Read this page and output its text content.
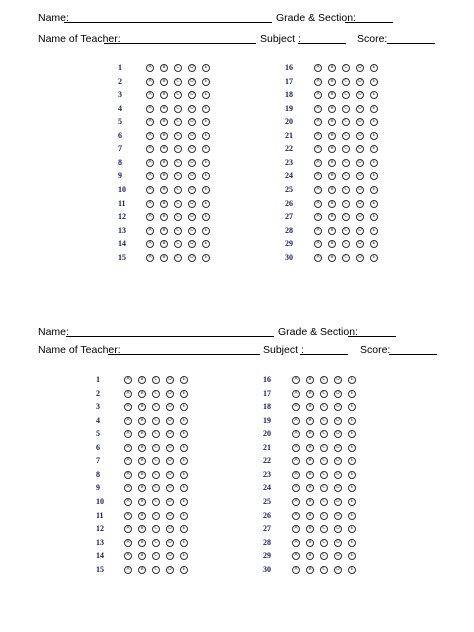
Name:	Grade & Section:
Name of Teacher:	Subject :	Score:
1	A	B	C	D	E
2	A	B	C	D	E
3	A	B	C	D	E
4	A	B	C	D	E
5	A	B	C	D	E
6	A	B	C	D	E
7	A	B	C	D	E
8	A	B	C	D	E
9	A	B	C	D	E
10	A	B	C	D	E
11	A	B	C	D	E
12	A	B	C	D	E
13	A	B	C	D	E
14	A	B	C	D	E
15	A	B	C	D	E
16	A	B	C	D	E
17	A	B	C	D	E
18	A	B	C	D	E
19	A	B	C	D	E
20	A	B	C	D	E
21	A	B	C	D	E
22	A	B	C	D	E
23	A	B	C	D	E
24	A	B	C	D	E
25	A	B	C	D	E
26	A	B	C	D	E
27	A	B	C	D	E
28	A	B	C	D	E
29	A	B	C	D	E
30	A	B	C	D	E
Name:	Grade & Section:
Name of Teacher:	Subject :	Score:
1	A	B	C	D	E
2	A	B	C	D	E
3	A	B	C	D	E
4	A	B	C	D	E
5	A	B	C	D	E
6	A	B	C	D	E
7	A	B	C	D	E
8	A	B	C	D	E
9	A	B	C	D	E
10	A	B	C	D	E
11	A	B	C	D	E
12	A	B	C	D	E
13	A	B	C	D	E
14	A	B	C	D	E
15	A	B	C	D	E
16	A	B	C	D	E
17	A	B	C	D	E
18	A	B	C	D	E
19	A	B	C	D	E
20	A	B	C	D	E
21	A	B	C	D	E
22	A	B	C	D	E
23	A	B	C	D	E
24	A	B	C	D	E
25	A	B	C	D	E
26	A	B	C	D	E
27	A	B	C	D	E
28	A	B	C	D	E
29	A	B	C	D	E
30	A	B	C	D	E
